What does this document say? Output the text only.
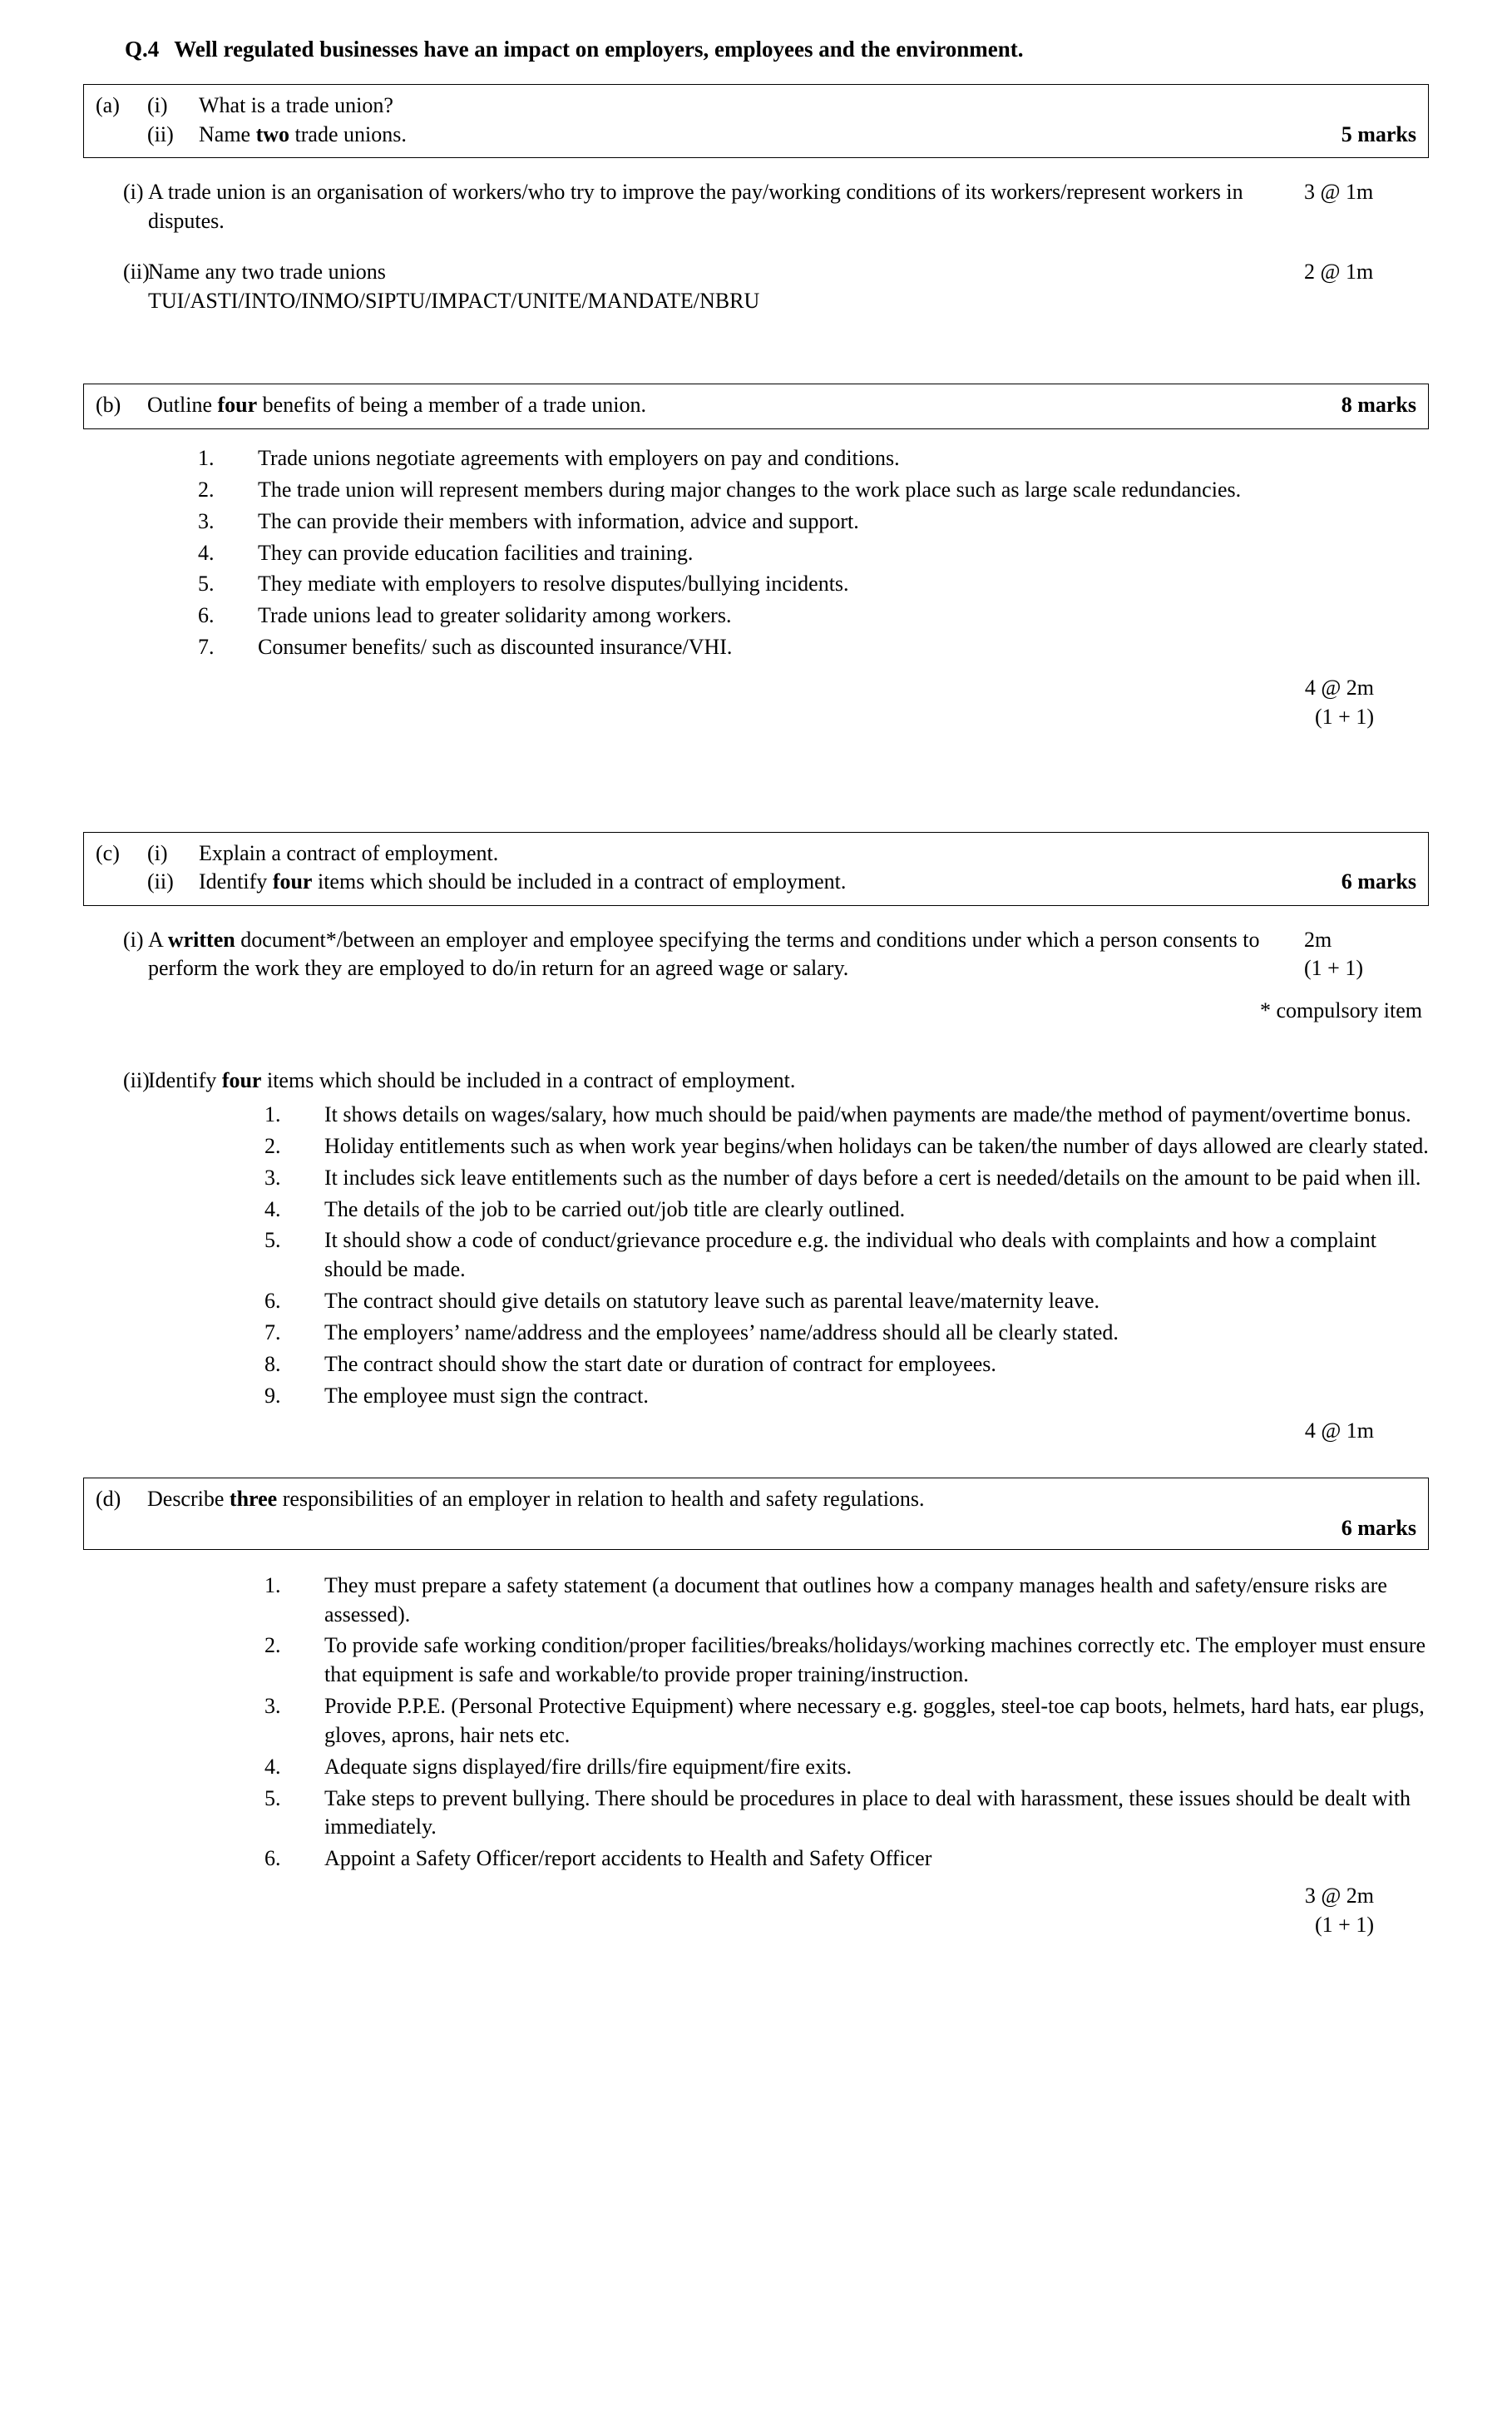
Q.4 Well regulated businesses have an impact on employers, employees and the environment.
(a)	(i)	What is a trade union?
(ii)	Name two trade unions.	5 marks
(i) A trade union is an organisation of workers/who try to improve the pay/working conditions of its workers/represent workers in disputes.
3 @ 1m
(ii)
Name any two trade unions
TUI/ASTI/INTO/INMO/SIPTU/IMPACT/UNITE/MANDATE/NBRU
2 @ 1m
(b)	Outline four benefits of being a member of a trade union.	8 marks
1.	Trade unions negotiate agreements with employers on pay and conditions.
2.	The trade union will represent members during major changes to the work place such as large scale redundancies.
3.	The can provide their members with information, advice and support.
4.	They can provide education facilities and training.
5.	They mediate with employers to resolve disputes/bullying incidents.
6.	Trade unions lead to greater solidarity among workers.
7.	Consumer benefits/ such as discounted insurance/VHI.
4 @ 2m
(1 + 1)
(c)	(i)	Explain a contract of employment.
(ii)	Identify four items which should be included in a contract of employment.	6 marks
(i) A written document*/between an employer and employee specifying the terms and conditions under which a person consents to perform the work they are employed to do/in return for an agreed wage or salary.
2m
(1 + 1)
* compulsory item
(ii)
Identify four items which should be included in a contract of employment.
1.	It shows details on wages/salary, how much should be paid/when payments are made/the method of payment/overtime bonus.
2.	Holiday entitlements such as when work year begins/when holidays can be taken/the number of days allowed are clearly stated.
3.	It includes sick leave entitlements such as the number of days before a cert is needed/details on the amount to be paid when ill.
4.	The details of the job to be carried out/job title are clearly outlined.
5.	It should show a code of conduct/grievance procedure e.g. the individual who deals with complaints and how a complaint should be made.
6.	The contract should give details on statutory leave such as parental leave/maternity leave.
7.	The employers’ name/address and the employees’ name/address should all be clearly stated.
8.	The contract should show the start date or duration of contract for employees.
9.	The employee must sign the contract.
4 @ 1m
(d)	Describe three responsibilities of an employer in relation to health and safety regulations.
6 marks
1.	They must prepare a safety statement (a document that outlines how a company manages health and safety/ensure risks are assessed).
2.	To provide safe working condition/proper facilities/breaks/holidays/working machines correctly etc. The employer must ensure that equipment is safe and workable/to provide proper training/instruction.
3.	Provide P.P.E. (Personal Protective Equipment) where necessary e.g. goggles, steel-toe cap boots, helmets, hard hats, ear plugs, gloves, aprons, hair nets etc.
4.	Adequate signs displayed/fire drills/fire equipment/fire exits.
5.	Take steps to prevent bullying. There should be procedures in place to deal with harassment, these issues should be dealt with immediately.
6.	Appoint a Safety Officer/report accidents to Health and Safety Officer
3 @ 2m
(1 + 1)
